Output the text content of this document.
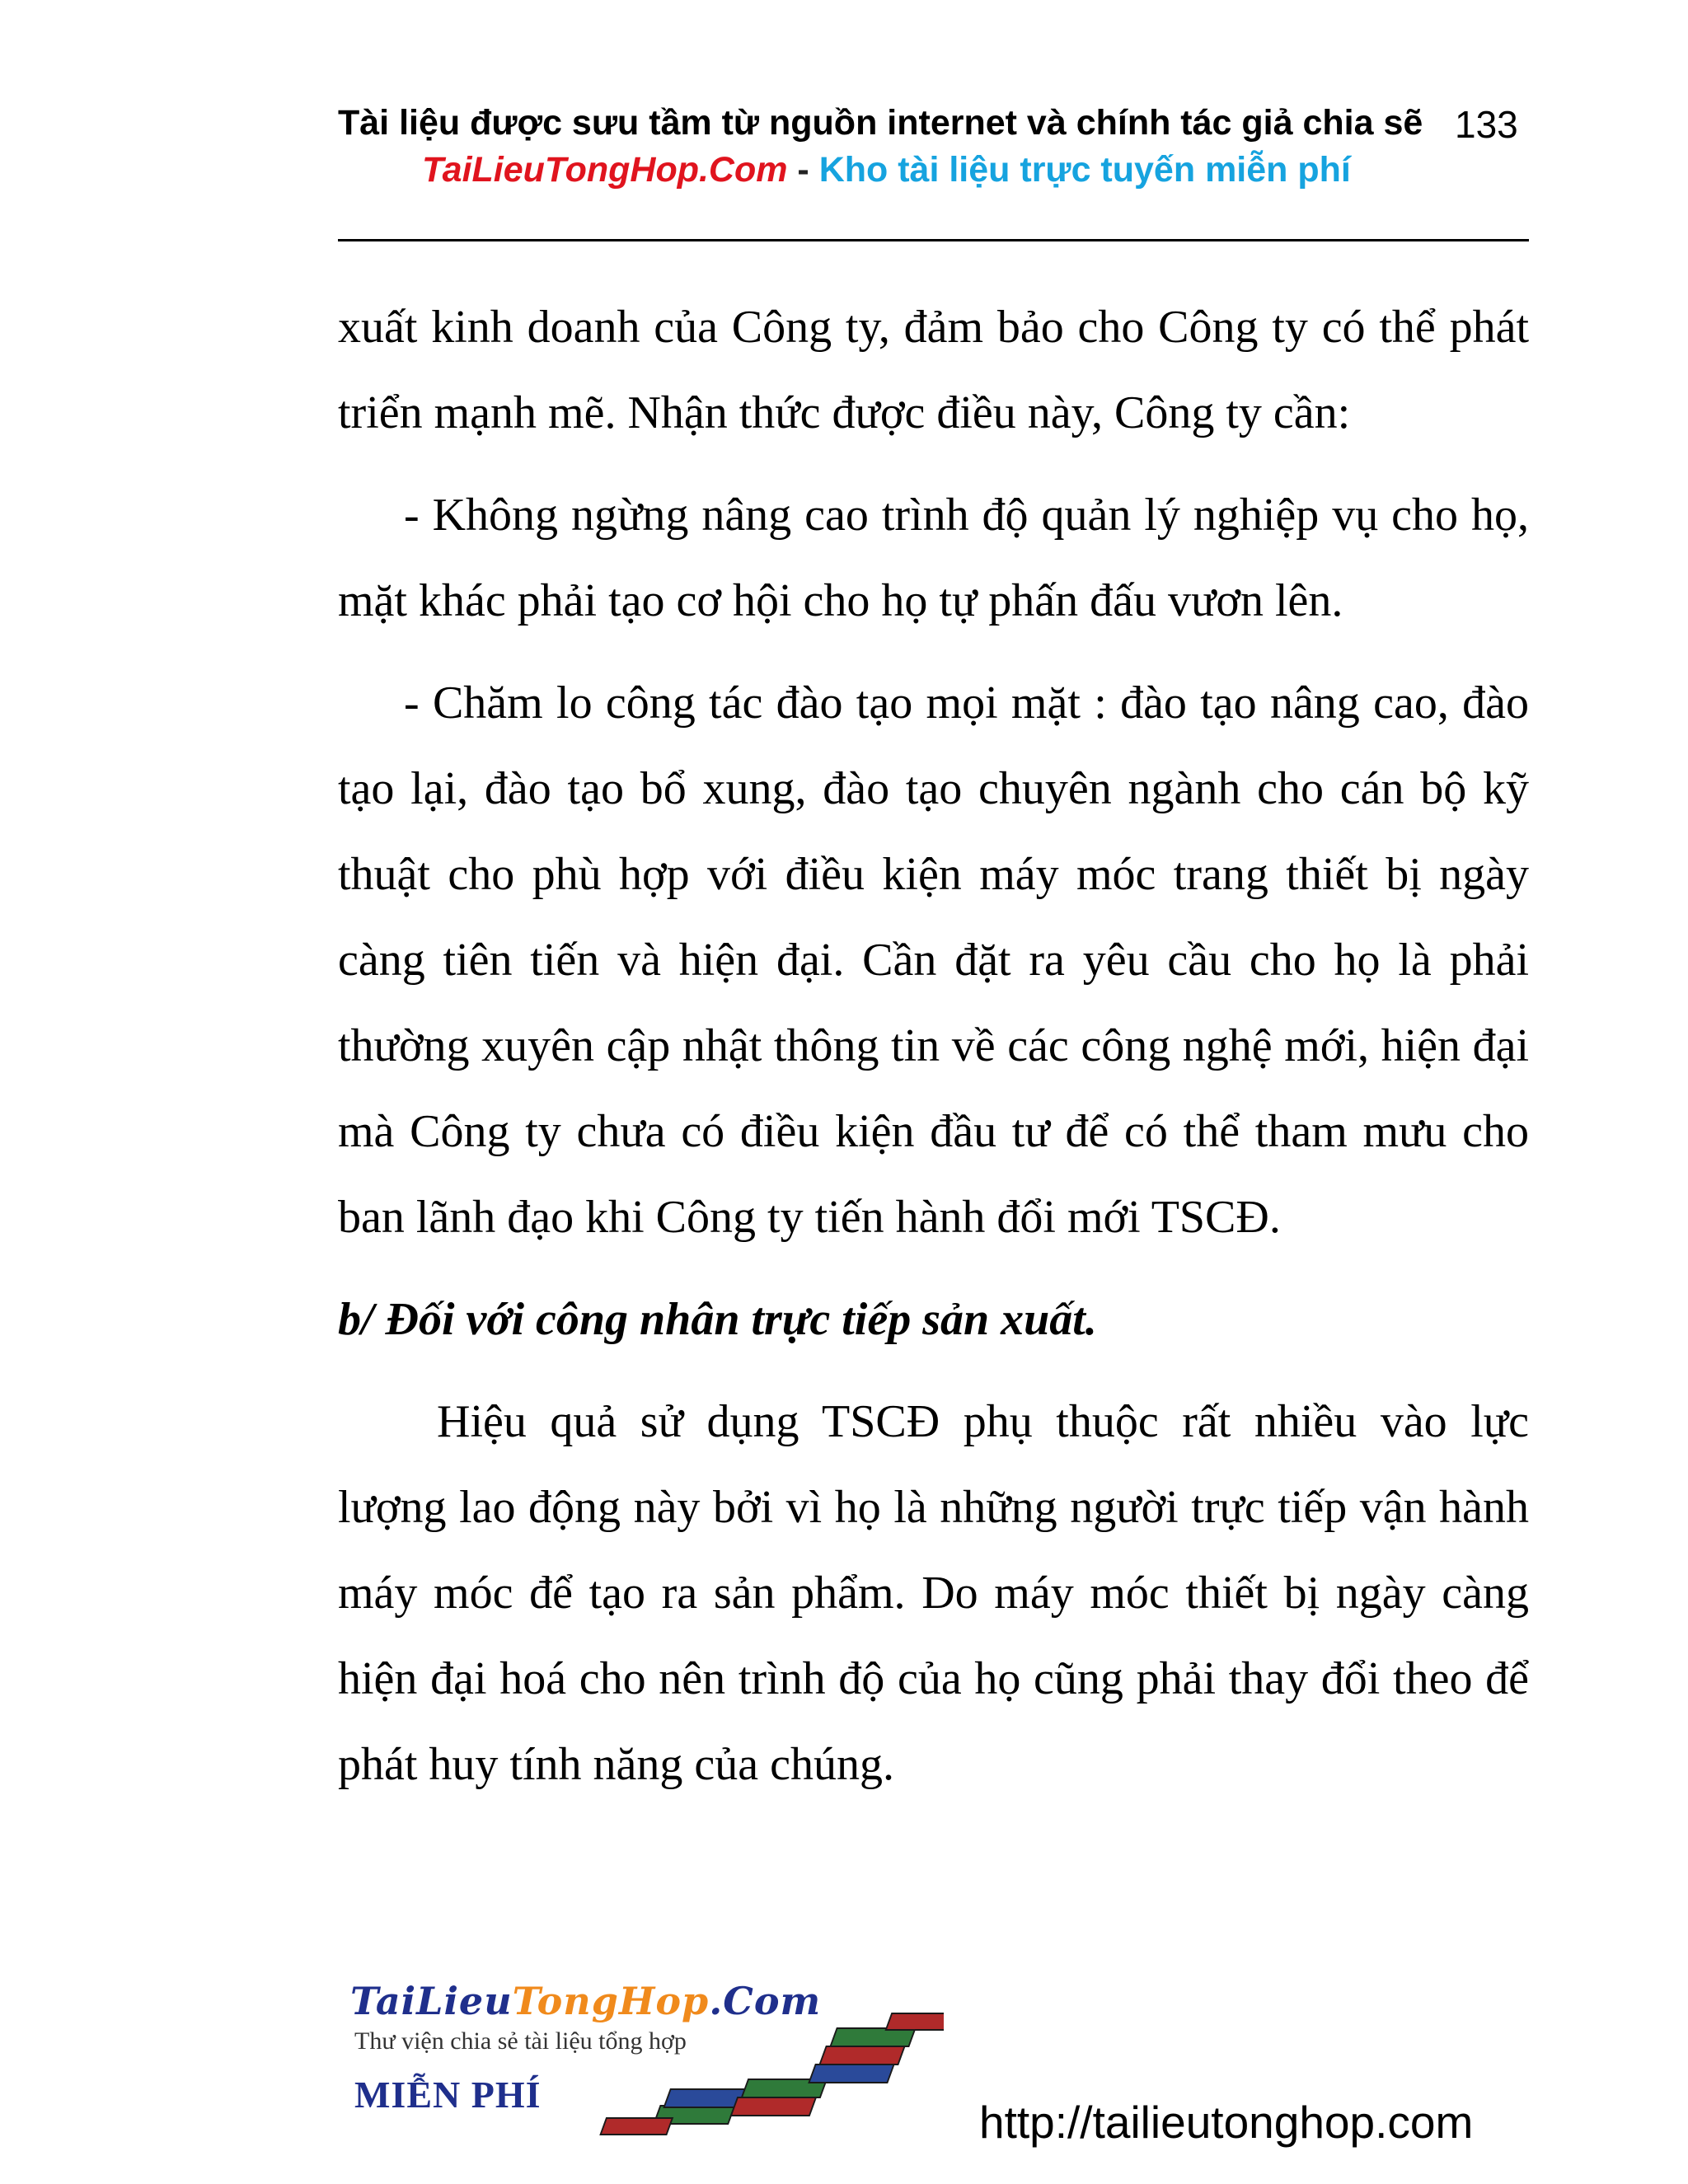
Tài liệu được sưu tầm từ nguồn internet và chính tác giả chia sẽ 133
TaiLieuTongHop.Com - Kho tài liệu trực tuyến miễn phí

xuất kinh doanh của Công ty, đảm bảo cho Công ty có thể phát triển mạnh mẽ. Nhận thức được điều này, Công ty cần:

- Không ngừng nâng cao trình độ quản lý nghiệp vụ cho họ, mặt khác phải tạo cơ hội cho họ tự phấn đấu vươn lên.

- Chăm lo công tác đào tạo mọi mặt : đào tạo nâng cao, đào tạo lại, đào tạo bổ xung, đào tạo chuyên ngành cho cán bộ kỹ thuật cho phù hợp với điều kiện máy móc trang thiết bị ngày càng tiên tiến và hiện đại. Cần đặt ra yêu cầu cho họ là phải thường xuyên cập nhật thông tin về các công nghệ mới, hiện đại mà Công ty chưa có điều kiện đầu tư để có thể tham mưu cho ban lãnh đạo khi Công ty tiến hành đổi mới TSCĐ.

b/ Đối với công nhân trực tiếp sản xuất.

Hiệu quả sử dụng TSCĐ phụ thuộc rất nhiều vào lực lượng lao động này bởi vì họ là những người trực tiếp vận hành máy móc để tạo ra sản phẩm. Do máy móc thiết bị ngày càng hiện đại hoá cho nên trình độ của họ cũng phải thay đổi theo để phát huy tính năng của chúng.

TaiLieuTongHop.Com
Thư viện chia sẻ tài liệu tổng hợp
MIỄN PHÍ
http://tailieutonghop.com
